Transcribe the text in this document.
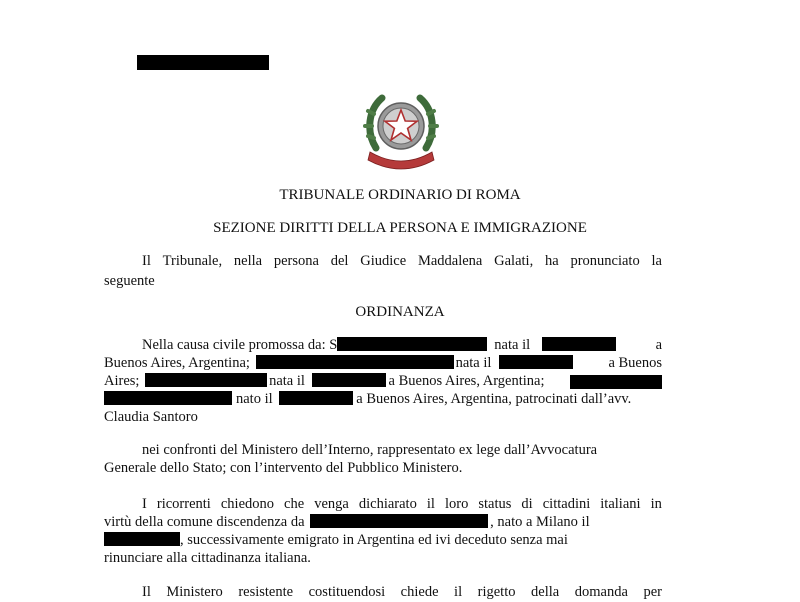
TRIBUNALE ORDINARIO DI ROMA
SEZIONE DIRITTI DELLA PERSONA E IMMIGRAZIONE
Il Tribunale, nella persona del Giudice Maddalena Galati, ha pronunciato la
seguente
ORDINANZA
Nella causa civile promossa da: S	nata il	a
Buenos Aires, Argentina;	nata il	a Buenos
Aires;	nata il	a Buenos Aires, Argentina;
nato il	a Buenos Aires, Argentina, patrocinati dall’avv.
Claudia Santoro
nei confronti del Ministero dell’Interno, rappresentato ex lege dall’Avvocatura
Generale dello Stato; con l’intervento del Pubblico Ministero.
I ricorrenti chiedono che venga dichiarato il loro status di cittadini italiani in
virtù della comune discendenza da	, nato a Milano il
, successivamente emigrato in Argentina ed ivi deceduto senza mai
rinunciare alla cittadinanza italiana.
Il Ministero resistente costituendosi chiede il rigetto della domanda per
